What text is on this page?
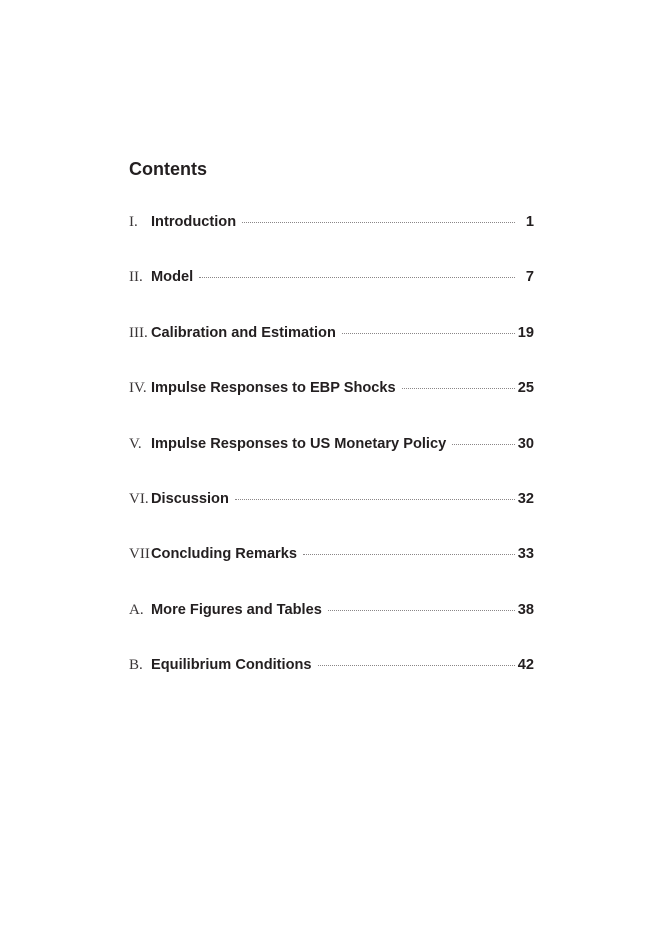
Contents
I. Introduction	1
II. Model	7
III. Calibration and Estimation	19
IV. Impulse Responses to EBP Shocks	25
V. Impulse Responses to US Monetary Policy	30
VI. Discussion	32
VII Concluding Remarks	33
A. More Figures and Tables	38
B. Equilibrium Conditions	42
